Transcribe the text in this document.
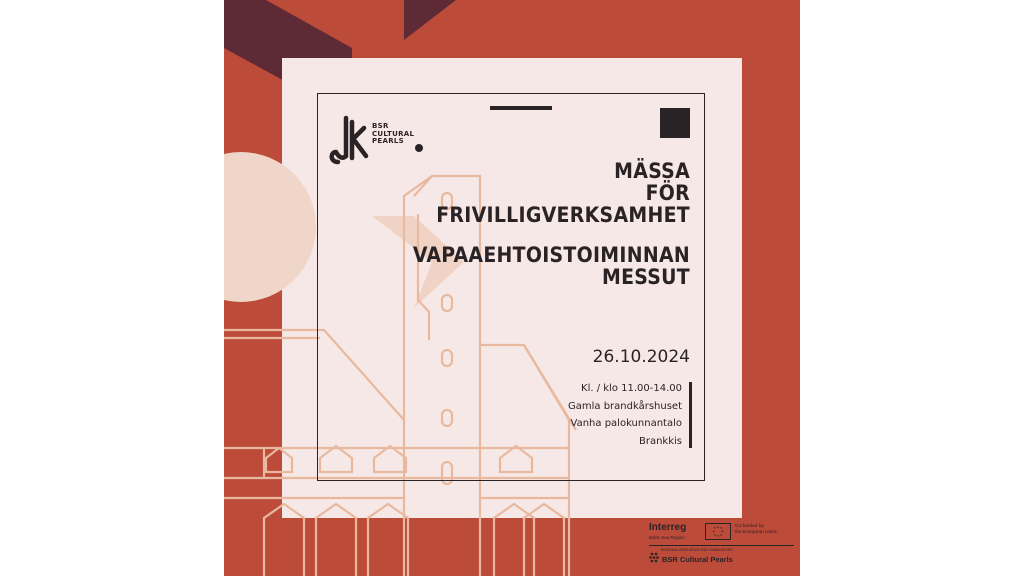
BSR
CULTURAL
PEARLS
MÄSSA
FÖR
FRIVILLIGVERKSAMHET
VAPAAEHTOISTOIMINNAN
MESSUT
26.10.2024
Kl. / klo 11.00-14.00
Gamla brandkårshuset
Vanha palokunnantalo
Brankkis
Interreg
Baltic Sea Region
Co-funded by
the European Union
REGIONAL RESILIENCE AND COMMUNITIES
BSR Cultural Pearls
